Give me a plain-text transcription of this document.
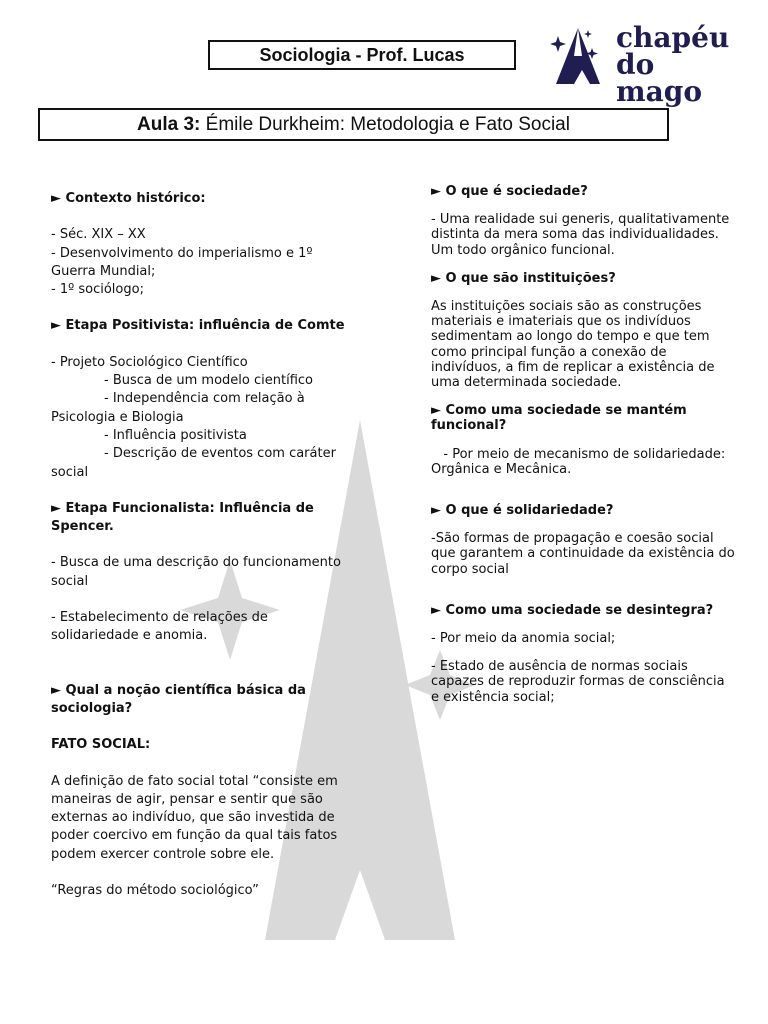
Sociologia - Prof. Lucas
chapéu
do mago
Aula 3:
Émile Durkheim: Metodologia e Fato Social

► Contexto histórico:

- Séc. XIX – XX

- Desenvolvimento do imperialismo e 1º Guerra Mundial;

- 1º sociólogo;

► Etapa Positivista: influência de Comte

- Projeto Sociológico Científico

- Busca de um modelo científico

- Independência com relação à

Psicologia e Biologia

- Influência positivista

- Descrição de eventos com caráter

social

► Etapa Funcionalista: Influência de Spencer.

- Busca de uma descrição do funcionamento social

- Estabelecimento de relações de solidariedade e anomia.

► Qual a noção científica básica da sociologia?

FATO SOCIAL:

A definição de fato social total “consiste em maneiras de agir, pensar e sentir que são externas ao indivíduo, que são investida de poder coercivo em função da qual tais fatos podem exercer controle sobre ele.

“Regras do método sociológico”

► O que é sociedade?

- Uma realidade sui generis, qualitativamente distinta da mera soma das individualidades. Um todo orgânico funcional.

► O que são instituições?

As instituições sociais são as construções materiais e imateriais que os indivíduos sedimentam ao longo do tempo e que tem como principal função a conexão de indivíduos, a fim de replicar a existência de uma determinada sociedade.

► Como uma sociedade se mantém funcional?

- Por meio de mecanismo de solidariedade: Orgânica e Mecânica.

► O que é solidariedade?

-São formas de propagação e coesão social que garantem a continuidade da existência do corpo social

► Como uma sociedade se desintegra?

- Por meio da anomia social;

- Estado de ausência de normas sociais capazes de reproduzir formas de consciência e existência social;
